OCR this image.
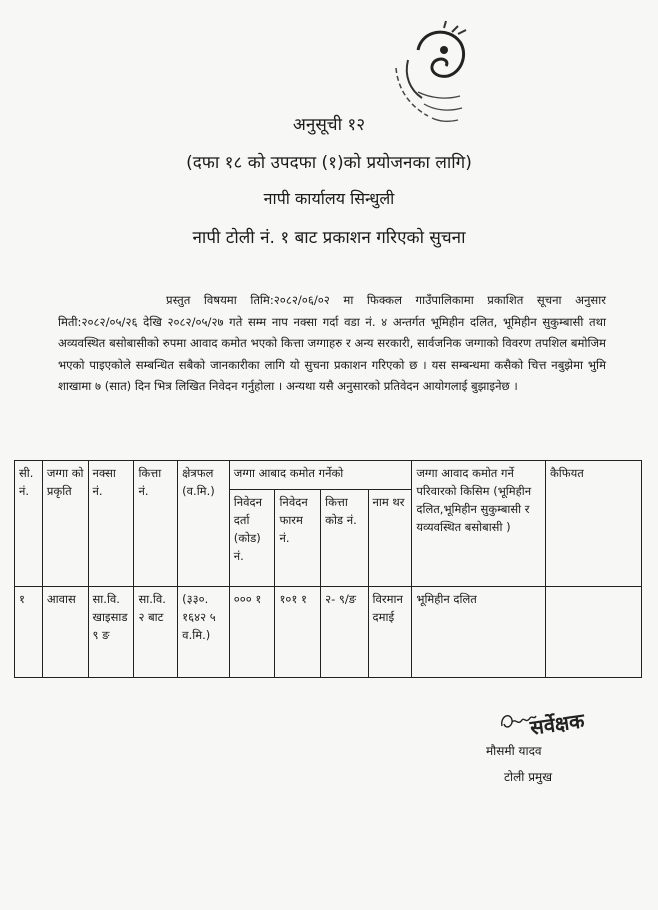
अनुसूची १२
(दफा १८ को उपदफा (१)को प्रयोजनका लागि)
नापी कार्यालय सिन्धुली
नापी टोली नं. १ बाट प्रकाशन गरिएको सुचना

प्रस्तुत विषयमा तिमि:२०८२/०६/०२ मा फिक्कल गाउँपालिकामा प्रकाशित सूचना अनुसार मिती:२०८२/०५/२६ देखि २०८२/०५/२७ गते सम्म नाप नक्सा गर्दा वडा नं. ४ अन्तर्गत भूमिहीन दलित, भूमिहीन सुकुम्बासी तथा अव्यवस्थित बसोबासीको रुपमा आवाद कमोत भएको कित्ता जग्गाहरु र अन्य सरकारी, सार्वजनिक जग्गाको विवरण तपशिल बमोजिम भएको पाइएकोले सम्बन्धित सबैको जानकारीका लागि यो सुचना प्रकाशन गरिएको छ । यस सम्बन्धमा कसैको चित्त नबुझेमा भुमि शाखामा ७ (सात) दिन भित्र लिखित निवेदन गर्नुहोला । अन्यथा यसै अनुसारको प्रतिवेदन आयोगलाई बुझाइनेछ ।

सी. नं.	जग्गा को प्रकृति	नक्सा नं.	कित्ता नं.	क्षेत्रफल (व.मि.)	जग्गा आबाद कमोत गर्नेको				जग्गा आवाद कमोत गर्ने परिवारको किसिम (भूमिहीन दलित,भूमिहीन सुकुम्बासी र यव्यवस्थित बसोबासी )	कैफियत
					निवेदन दर्ता (कोड) नं.	निवेदन फारम नं.	कित्ता कोड नं.	नाम थर		
१	आवास	सा.वि. खाइसाड ९ ङ	सा.वि. २ बाट	(३३०. १६४२ ५ व.मि.)	००० १	१०१ १	२- ९/ङ	विरमान दमाई	भूमिहीन दलित	
सर्वेक्षक
मौसमी यादव
टोली प्रमुख
